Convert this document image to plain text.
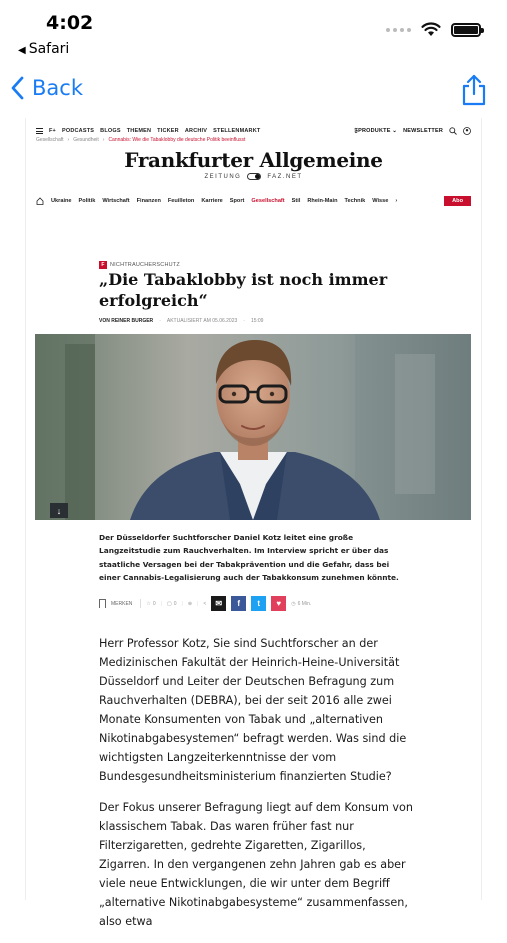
4:02
◀ Safari
Back
F+ PODCASTS BLOGS THEMEN TICKER ARCHIV STELLENMARKT	𝔉PRODUKTE ⌄ NEWSLETTER
Gesellschaft › Gesundheit › Cannabis: Wie die Tabaklobby die deutsche Politik beeinflusst
Frankfurter Allgemeine
ZEITUNG	FAZ.NET
Ukraine Politik Wirtschaft Finanzen Feuilleton Karriere Sport Gesellschaft Stil Rhein-Main Technik Wisse ›	Abo
F NICHTRAUCHERSCHUTZ
„Die Tabaklobby ist noch immer erfolgreich“
VON REINER BURGER · AKTUALISIERT AM 05.06.2023 · 15:09
↓

Der Düsseldorfer Suchtforscher Daniel Kotz leitet eine große Langzeitstudie zum Rauchverhalten. Im Interview spricht er über das staatliche Versagen bei der Tabakprävention und die Gefahr, dass bei einer Cannabis-Legalisierung auch der Tabakkonsum zunehmen könnte.

MERKEN	☆ 0 | ▢ 0 | ⊕ | < ✉ f t ♥ ◷ 6 Min.

Herr Professor Kotz, Sie sind Suchtforscher an der Medizinischen Fakultät der Heinrich-Heine-Universität Düsseldorf und Leiter der Deutschen Befragung zum Rauchverhalten (DEBRA), bei der seit 2016 alle zwei Monate Konsumenten von Tabak und „alternativen Nikotinabgabesystemen“ befragt werden. Was sind die wichtigsten Langzeiterkenntnisse der vom Bundesgesundheitsministerium finanzierten Studie?

Der Fokus unserer Befragung liegt auf dem Konsum von klassischem Tabak. Das waren früher fast nur Filterzigaretten, gedrehte Zigaretten, Zigarillos, Zigarren. In den vergangenen zehn Jahren gab es aber viele neue Entwicklungen, die wir unter dem Begriff „alternative Nikotinabgabesysteme“ zusammenfassen, also etwa
